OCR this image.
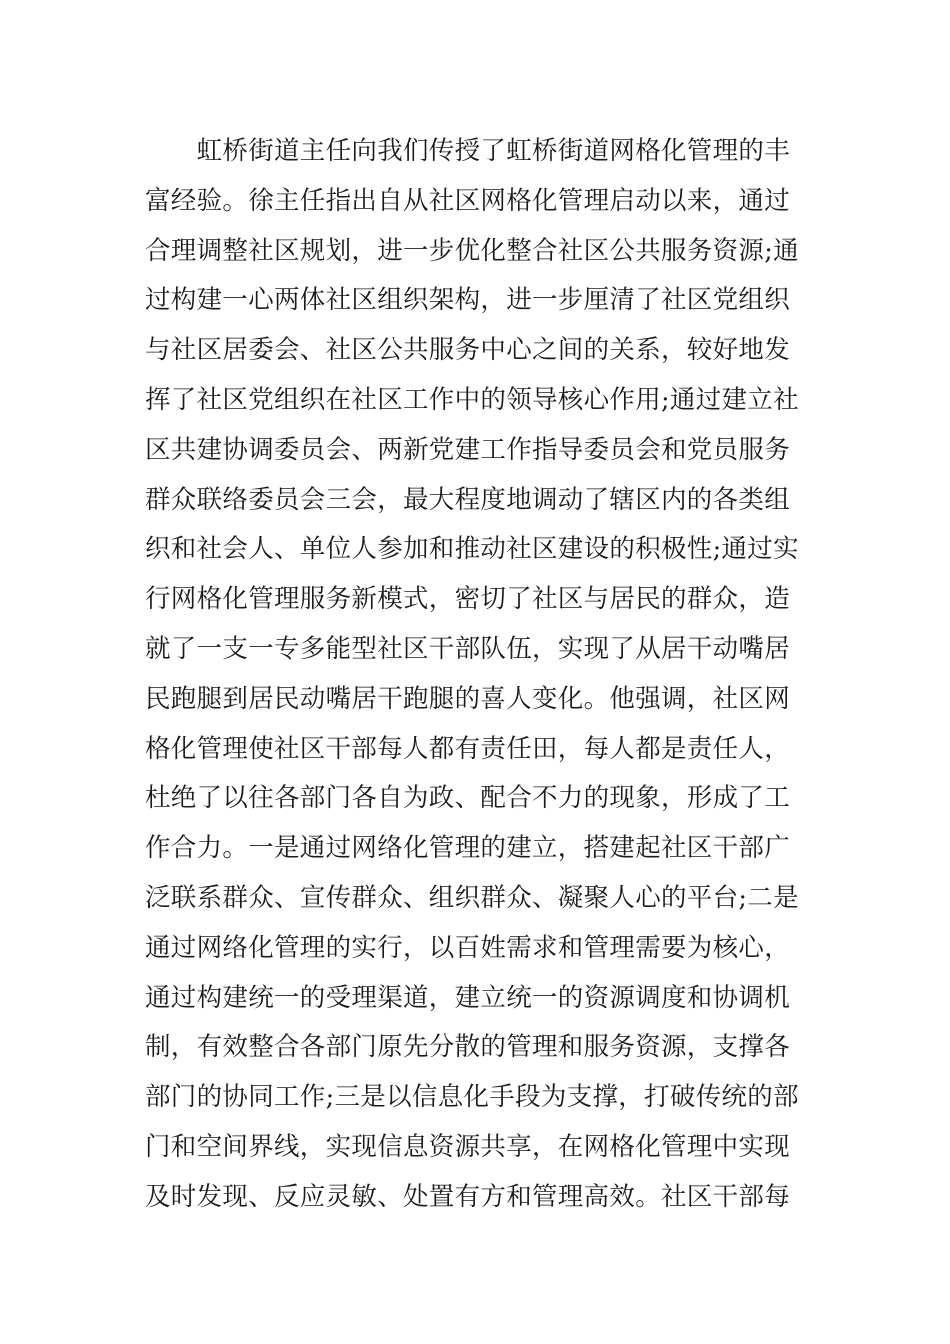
　　虹桥街道主任向我们传授了虹桥街道网格化管理的丰
富经验。徐主任指出自从社区网格化管理启动以来，通过
合理调整社区规划，进一步优化整合社区公共服务资源;通
过构建一心两体社区组织架构，进一步厘清了社区党组织
与社区居委会、社区公共服务中心之间的关系，较好地发
挥了社区党组织在社区工作中的领导核心作用;通过建立社
区共建协调委员会、两新党建工作指导委员会和党员服务
群众联络委员会三会，最大程度地调动了辖区内的各类组
织和社会人、单位人参加和推动社区建设的积极性;通过实
行网格化管理服务新模式，密切了社区与居民的群众，造
就了一支一专多能型社区干部队伍，实现了从居干动嘴居
民跑腿到居民动嘴居干跑腿的喜人变化。他强调，社区网
格化管理使社区干部每人都有责任田，每人都是责任人，
杜绝了以往各部门各自为政、配合不力的现象，形成了工
作合力。一是通过网络化管理的建立，搭建起社区干部广
泛联系群众、宣传群众、组织群众、凝聚人心的平台;二是
通过网络化管理的实行，以百姓需求和管理需要为核心，
通过构建统一的受理渠道，建立统一的资源调度和协调机
制，有效整合各部门原先分散的管理和服务资源，支撑各
部门的协同工作;三是以信息化手段为支撑，打破传统的部
门和空间界线，实现信息资源共享，在网格化管理中实现
及时发现、反应灵敏、处置有方和管理高效。社区干部每
